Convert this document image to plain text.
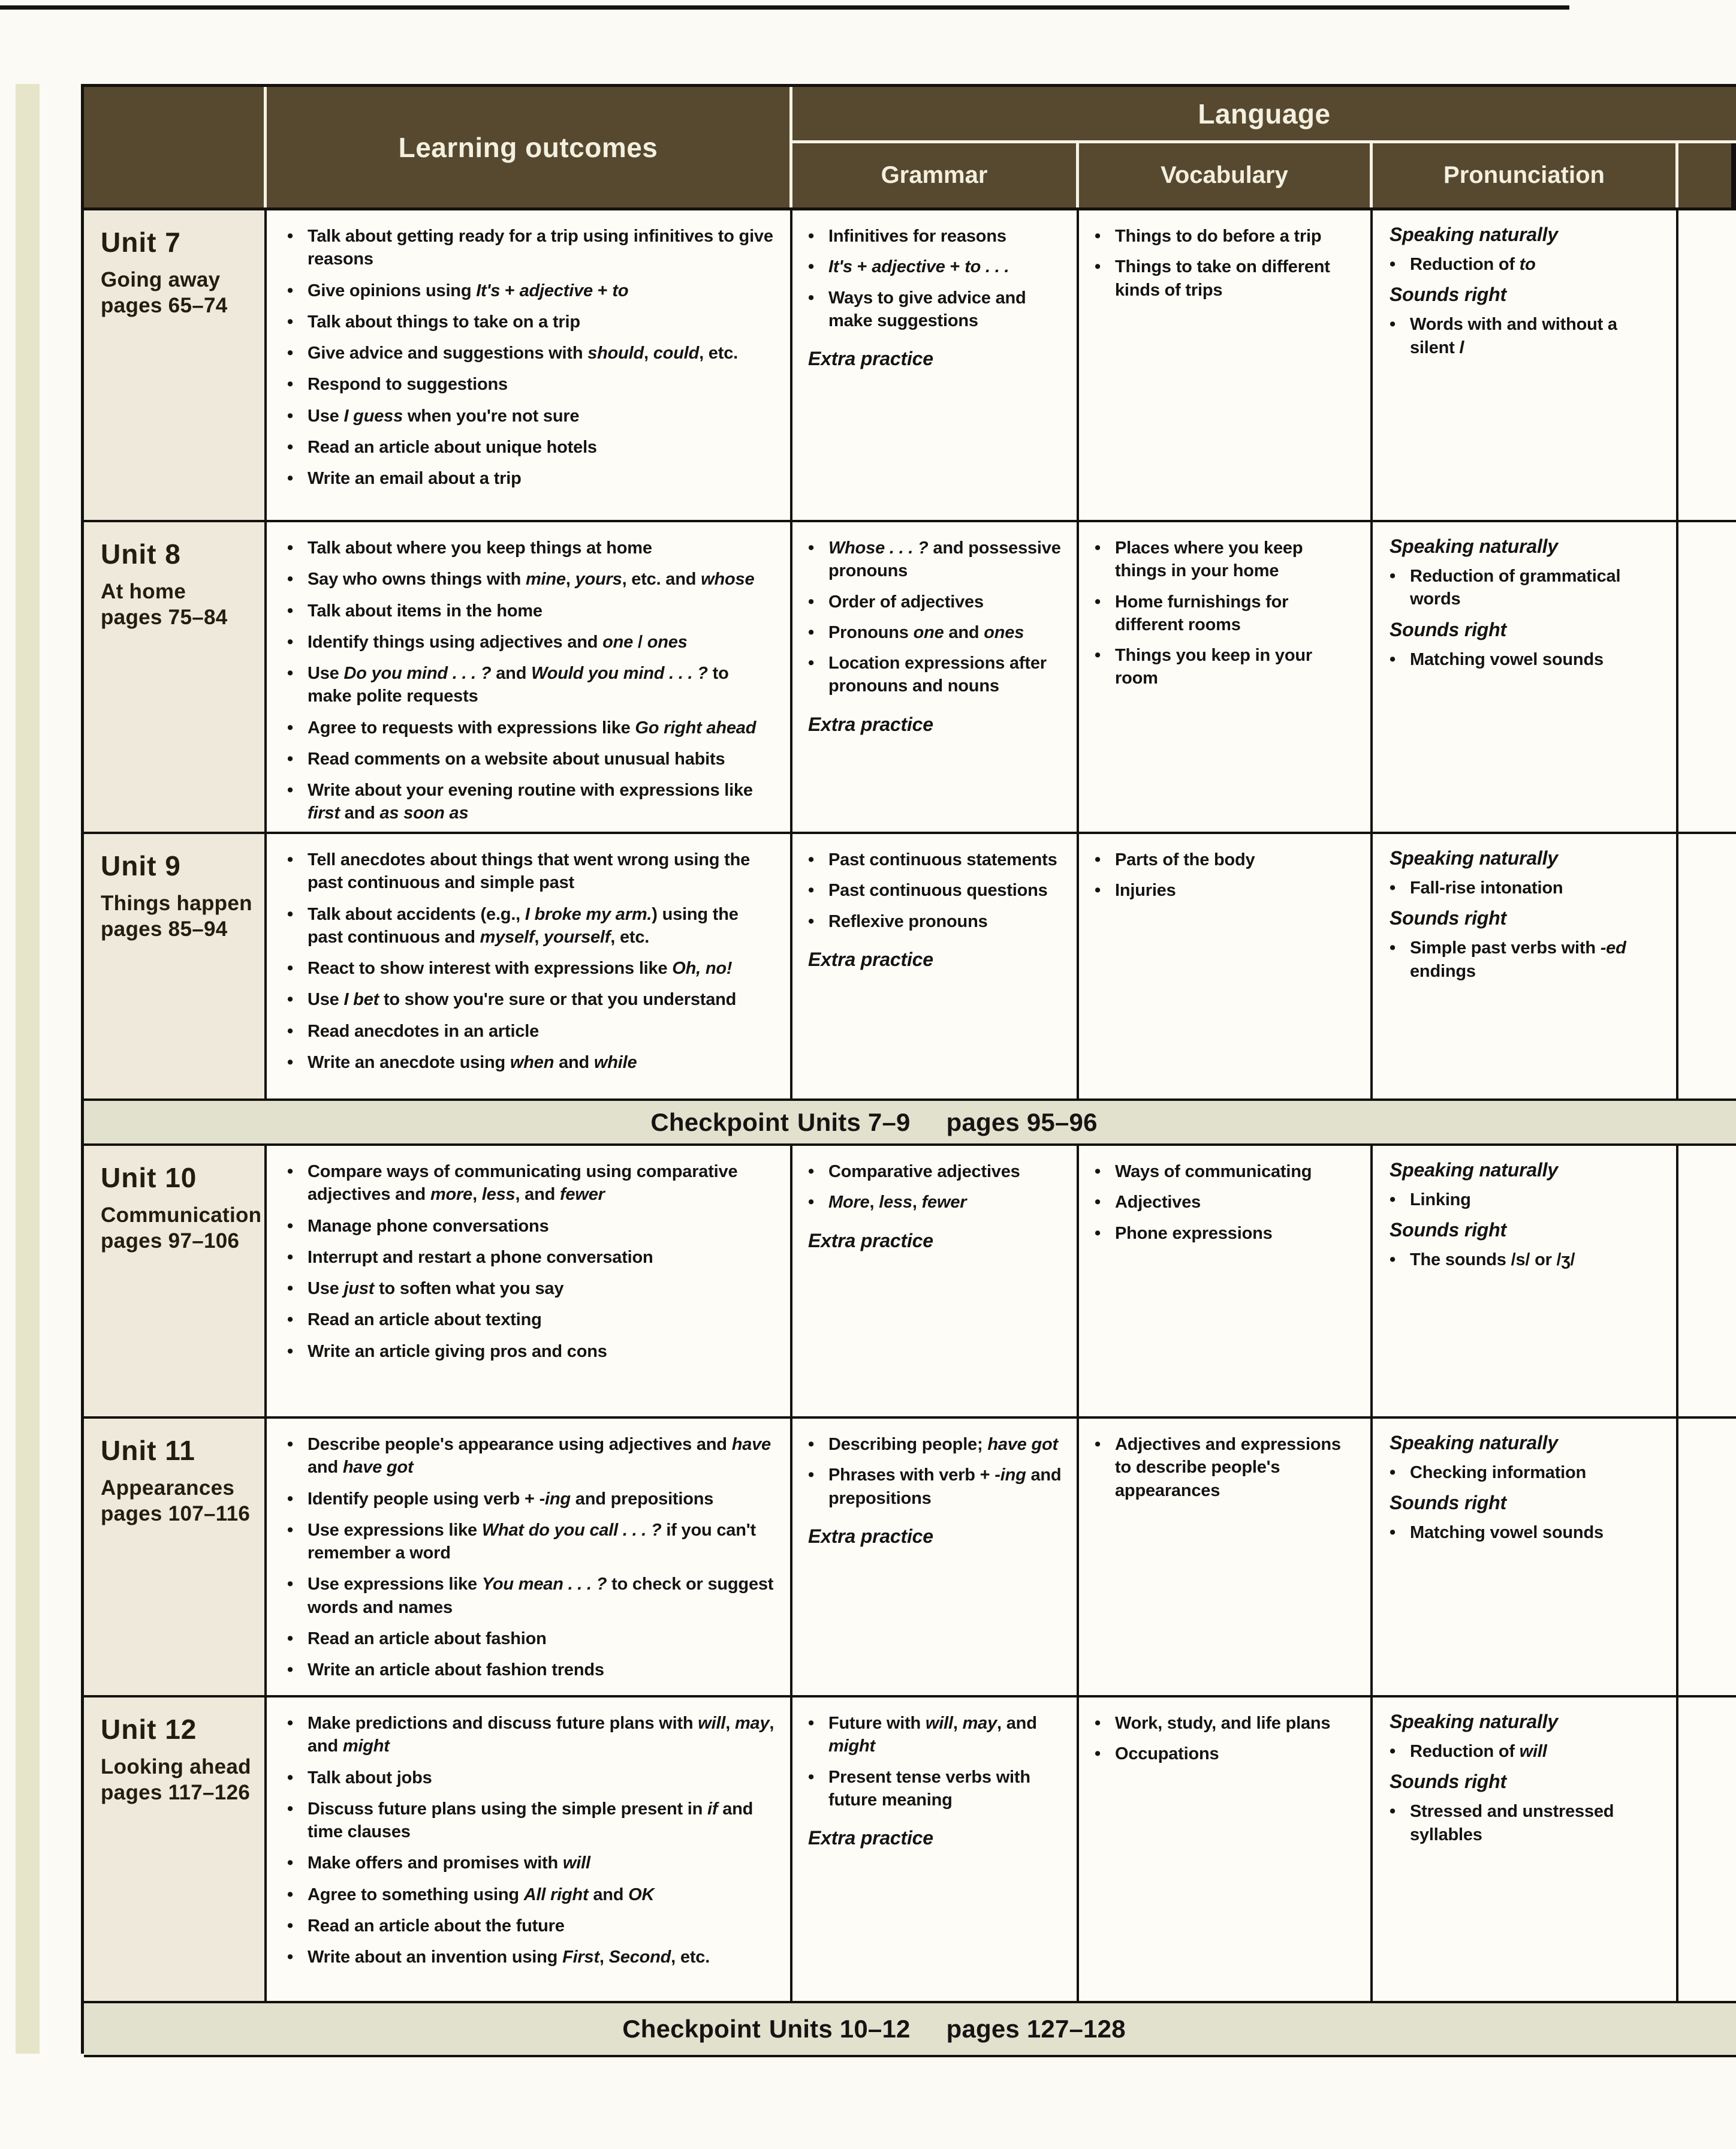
Learning outcomes
Language
Grammar	Vocabulary	Pronunciation
Unit 7
Going away
pages 65–74
• Talk about getting ready for a trip using infinitives to give reasons
• Give opinions using It's + adjective + to
• Talk about things to take on a trip
• Give advice and suggestions with should, could, etc.
• Respond to suggestions
• Use I guess when you're not sure
• Read an article about unique hotels
• Write an email about a trip
• Infinitives for reasons
• It's + adjective + to . . .
• Ways to give advice and make suggestions
Extra practice
• Things to do before a trip
• Things to take on different kinds of trips
Speaking naturally
• Reduction of to
Sounds right
• Words with and without a silent l
Unit 8
At home
pages 75–84
• Talk about where you keep things at home
• Say who owns things with mine, yours, etc. and whose
• Talk about items in the home
• Identify things using adjectives and one / ones
• Use Do you mind . . . ? and Would you mind . . . ? to make polite requests
• Agree to requests with expressions like Go right ahead
• Read comments on a website about unusual habits
• Write about your evening routine with expressions like first and as soon as
• Whose . . . ? and possessive pronouns
• Order of adjectives
• Pronouns one and ones
• Location expressions after pronouns and nouns
Extra practice
• Places where you keep things in your home
• Home furnishings for different rooms
• Things you keep in your room
Speaking naturally
• Reduction of grammatical words
Sounds right
• Matching vowel sounds
Unit 9
Things happen
pages 85–94
• Tell anecdotes about things that went wrong using the past continuous and simple past
• Talk about accidents (e.g., I broke my arm.) using the past continuous and myself, yourself, etc.
• React to show interest with expressions like Oh, no!
• Use I bet to show you're sure or that you understand
• Read anecdotes in an article
• Write an anecdote using when and while
• Past continuous statements
• Past continuous questions
• Reflexive pronouns
Extra practice
• Parts of the body
• Injuries
Speaking naturally
• Fall-rise intonation
Sounds right
• Simple past verbs with -ed endings
Checkpoint Units 7–9 pages 95–96
Unit 10
Communication
pages 97–106
• Compare ways of communicating using comparative adjectives and more, less, and fewer
• Manage phone conversations
• Interrupt and restart a phone conversation
• Use just to soften what you say
• Read an article about texting
• Write an article giving pros and cons
• Comparative adjectives
• More, less, fewer
Extra practice
• Ways of communicating
• Adjectives
• Phone expressions
Speaking naturally
• Linking
Sounds right
• The sounds /s/ or /ʒ/
Unit 11
Appearances
pages 107–116
• Describe people's appearance using adjectives and have and have got
• Identify people using verb + -ing and prepositions
• Use expressions like What do you call . . . ? if you can't remember a word
• Use expressions like You mean . . . ? to check or suggest words and names
• Read an article about fashion
• Write an article about fashion trends
• Describing people; have got
• Phrases with verb + -ing and prepositions
Extra practice
• Adjectives and expressions to describe people's appearances
Speaking naturally
• Checking information
Sounds right
• Matching vowel sounds
Unit 12
Looking ahead
pages 117–126
• Make predictions and discuss future plans with will, may, and might
• Talk about jobs
• Discuss future plans using the simple present in if and time clauses
• Make offers and promises with will
• Agree to something using All right and OK
• Read an article about the future
• Write about an invention using First, Second, etc.
• Future with will, may, and might
• Present tense verbs with future meaning
Extra practice
• Work, study, and life plans
• Occupations
Speaking naturally
• Reduction of will
Sounds right
• Stressed and unstressed syllables
Checkpoint Units 10–12 pages 127–128
